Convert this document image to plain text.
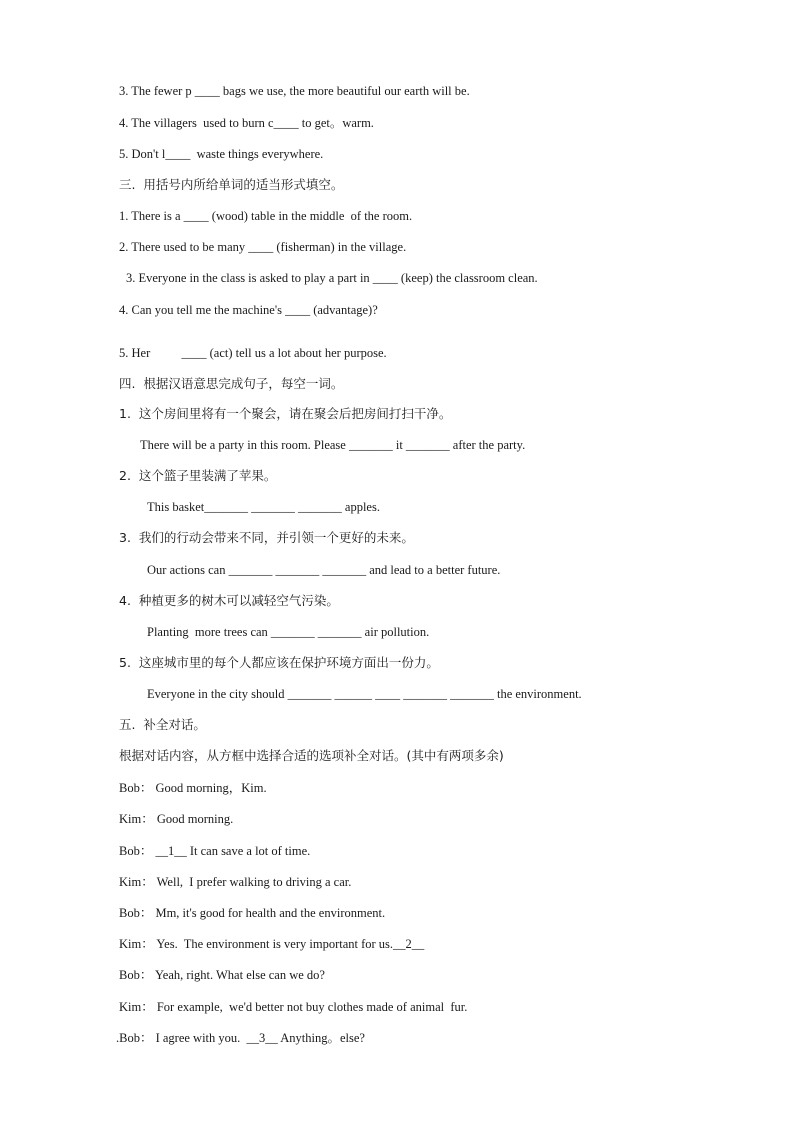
3. The fewer p ____ bags we use, the more beautiful our earth will be.
4. The villagers  used to burn c____ to get。warm.
5. Don't l____  waste things everywhere.
三.  用括号内所给单词的适当形式填空。
1. There is a ____ (wood) table in the middle  of the room.
2. There used to be many ____ (fisherman) in the village.
3. Everyone in the class is asked to play a part in ____ (keep) the classroom clean.
4. Can you tell me the machine's ____ (advantage)?
5. Her          ____ (act) tell us a lot about her purpose.
四.  根据汉语意思完成句子，每空一词。
1.  这个房间里将有一个聚会，请在聚会后把房间打扫干净。
There will be a party in this room. Please _______ it _______ after the party.
2.  这个篮子里装满了苹果。
This basket_______ _______ _______ apples.
3.  我们的行动会带来不同，并引领一个更好的未来。
Our actions can _______ _______ _______ and lead to a better future.
4.  种植更多的树木可以减轻空气污染。
Planting  more trees can _______ _______ air pollution.
5.  这座城市里的每个人都应该在保护环境方面出一份力。
Everyone in the city should _______ ______ ____ _______ _______ the environment.
五.  补全对话。
根据对话内容，从方框中选择合适的选项补全对话。(其中有两项多余)
Bob： Good morning，Kim.
Kim： Good morning.
Bob： __1__ It can save a lot of time.
Kim： Well,  I prefer walking to driving a car.
Bob： Mm, it's good for health and the environment.
Kim： Yes.  The environment is very important for us.__2__
Bob： Yeah, right. What else can we do?
Kim： For example,  we'd better not buy clothes made of animal  fur.
.Bob： I agree with you.  __3__ Anything。else?
